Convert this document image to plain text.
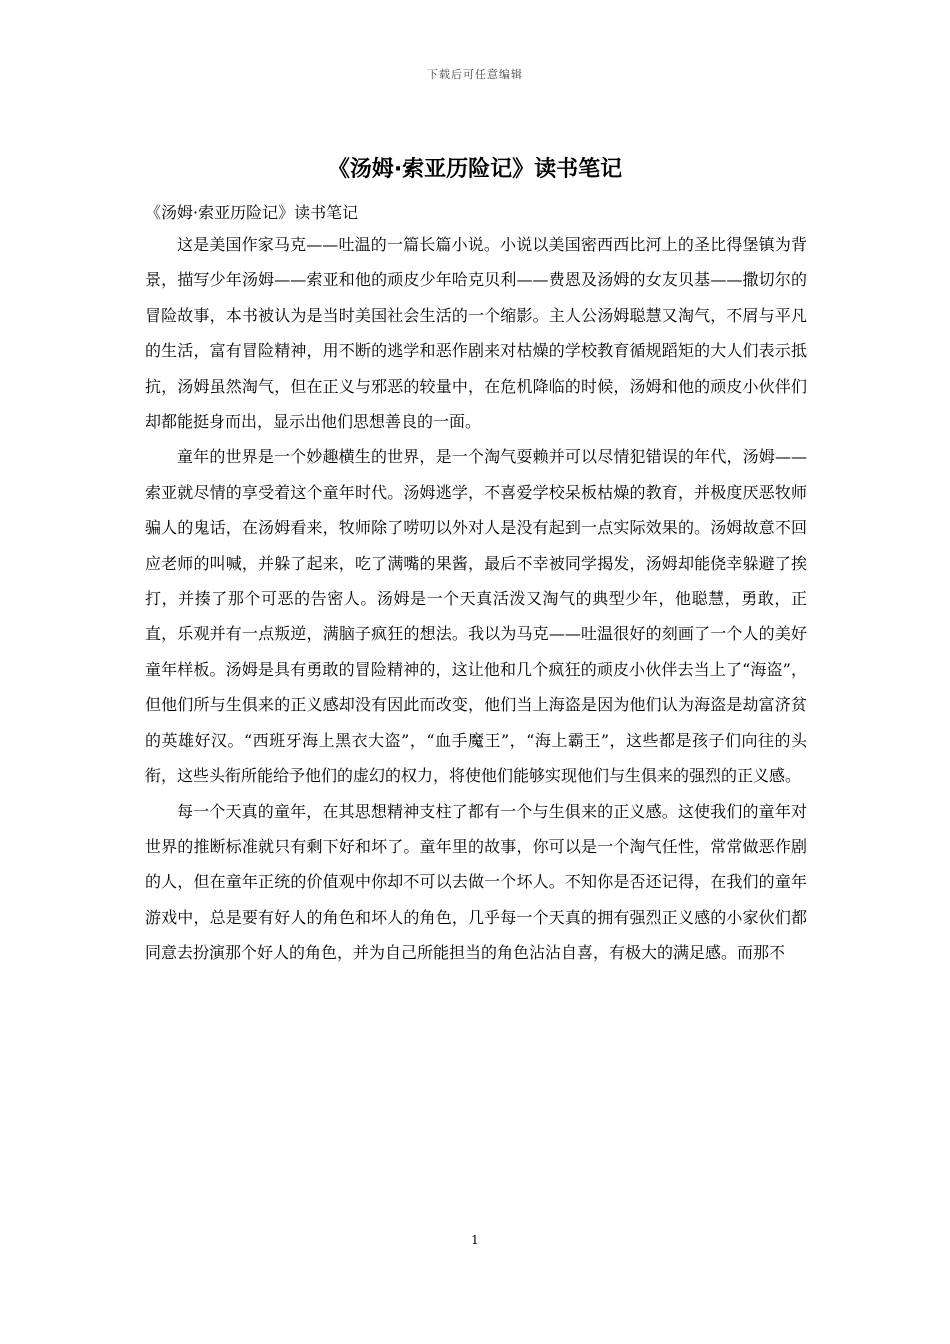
下载后可任意编辑
《汤姆·索亚历险记》读书笔记

《汤姆·索亚历险记》读书笔记

这是美国作家马克——吐温的一篇长篇小说。小说以美国密西西比河上的圣比得堡镇为背景，描写少年汤姆——索亚和他的顽皮少年哈克贝利——费恩及汤姆的女友贝基——撒切尔的冒险故事，本书被认为是当时美国社会生活的一个缩影。主人公汤姆聪慧又淘气，不屑与平凡的生活，富有冒险精神，用不断的逃学和恶作剧来对枯燥的学校教育循规蹈矩的大人们表示抵抗，汤姆虽然淘气，但在正义与邪恶的较量中，在危机降临的时候，汤姆和他的顽皮小伙伴们却都能挺身而出，显示出他们思想善良的一面。

童年的世界是一个妙趣横生的世界，是一个淘气耍赖并可以尽情犯错误的年代，汤姆——索亚就尽情的享受着这个童年时代。汤姆逃学，不喜爱学校呆板枯燥的教育，并极度厌恶牧师骗人的鬼话，在汤姆看来，牧师除了唠叨以外对人是没有起到一点实际效果的。汤姆故意不回应老师的叫喊，并躲了起来，吃了满嘴的果酱，最后不幸被同学揭发，汤姆却能侥幸躲避了挨打，并揍了那个可恶的告密人。汤姆是一个天真活泼又淘气的典型少年，他聪慧，勇敢，正直，乐观并有一点叛逆，满脑子疯狂的想法。我以为马克——吐温很好的刻画了一个人的美好童年样板。汤姆是具有勇敢的冒险精神的，这让他和几个疯狂的顽皮小伙伴去当上了“海盗”，但他们所与生俱来的正义感却没有因此而改变，他们当上海盗是因为他们认为海盗是劫富济贫的英雄好汉。“西班牙海上黑衣大盗”，“血手魔王”，“海上霸王”，这些都是孩子们向往的头衔，这些头衔所能给予他们的虚幻的权力，将使他们能够实现他们与生俱来的强烈的正义感。

每一个天真的童年，在其思想精神支柱了都有一个与生俱来的正义感。这使我们的童年对世界的推断标准就只有剩下好和坏了。童年里的故事，你可以是一个淘气任性，常常做恶作剧的人，但在童年正统的价值观中你却不可以去做一个坏人。不知你是否还记得，在我们的童年游戏中，总是要有好人的角色和坏人的角色，几乎每一个天真的拥有强烈正义感的小家伙们都同意去扮演那个好人的角色，并为自己所能担当的角色沾沾自喜，有极大的满足感。而那不

1
